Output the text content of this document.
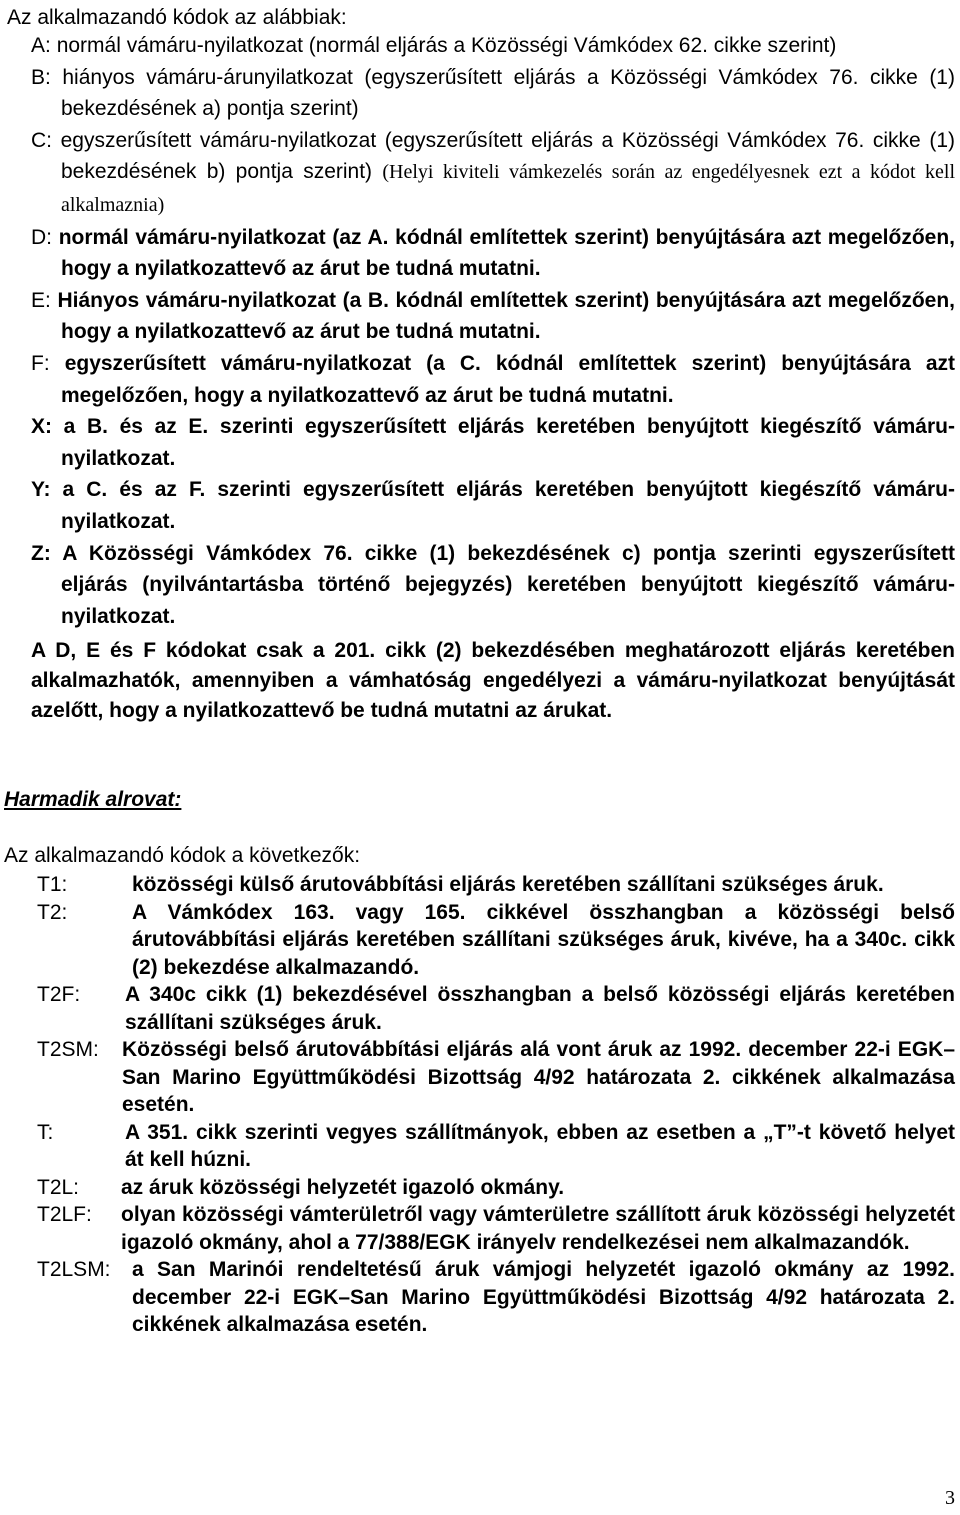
Az alkalmazandó kódok az alábbiak:

A: normál vámáru-nyilatkozat (normál eljárás a Közösségi Vámkódex 62. cikke szerint)

B: hiányos vámáru-árunyilatkozat (egyszerűsített eljárás a Közösségi Vámkódex 76. cikke (1) bekezdésének a) pontja szerint)

C: egyszerűsített vámáru-nyilatkozat (egyszerűsített eljárás a Közösségi Vámkódex 76. cikke (1) bekezdésének b) pontja szerint) (Helyi kiviteli vámkezelés során az engedélyesnek ezt a kódot kell alkalmaznia)

D: normál vámáru-nyilatkozat (az A. kódnál említettek szerint) benyújtására azt megelőzően, hogy a nyilatkozattevő az árut be tudná mutatni.

E: Hiányos vámáru-nyilatkozat (a B. kódnál említettek szerint) benyújtására azt megelőzően, hogy a nyilatkozattevő az árut be tudná mutatni.

F: egyszerűsített vámáru-nyilatkozat (a C. kódnál említettek szerint) benyújtására azt megelőzően, hogy a nyilatkozattevő az árut be tudná mutatni.

X: a B. és az E. szerinti egyszerűsített eljárás keretében benyújtott kiegészítő vámáru-nyilatkozat.

Y: a C. és az F. szerinti egyszerűsített eljárás keretében benyújtott kiegészítő vámáru-nyilatkozat.

Z: A Közösségi Vámkódex 76. cikke (1) bekezdésének c) pontja szerinti egyszerűsített eljárás (nyilvántartásba történő bejegyzés) keretében benyújtott kiegészítő vámáru-nyilatkozat.

A D, E és F kódokat csak a 201. cikk (2) bekezdésében meghatározott eljárás keretében alkalmazhatók, amennyiben a vámhatóság engedélyezi a vámáru-nyilatkozat benyújtását azelőtt, hogy a nyilatkozattevő be tudná mutatni az árukat.

Harmadik alrovat:

Az alkalmazandó kódok a következők:

T1:	közösségi külső árutovábbítási eljárás keretében szállítani szükséges áruk.
T2:	A Vámkódex 163. vagy 165. cikkével összhangban a közösségi belső árutovábbítási eljárás keretében szállítani szükséges áruk, kivéve, ha a 340c. cikk (2) bekezdése alkalmazandó.
T2F:	A 340c cikk (1) bekezdésével összhangban a belső közösségi eljárás keretében szállítani szükséges áruk.
T2SM:	Közösségi belső árutovábbítási eljárás alá vont áruk az 1992. december 22-i EGK–San Marino Együttműködési Bizottság 4/92 határozata 2. cikkének alkalmazása esetén.
T:	A 351. cikk szerinti vegyes szállítmányok, ebben az esetben a „T”-t követő helyet át kell húzni.
T2L:	az áruk közösségi helyzetét igazoló okmány.
T2LF:	olyan közösségi vámterületről vagy vámterületre szállított áruk közösségi helyzetét igazoló okmány, ahol a 77/388/EGK irányelv rendelkezései nem alkalmazandók.
T2LSM:	a San Marinói rendeltetésű áruk vámjogi helyzetét igazoló okmány az 1992. december 22-i EGK–San Marino Együttműködési Bizottság 4/92 határozata 2. cikkének alkalmazása esetén.
3
